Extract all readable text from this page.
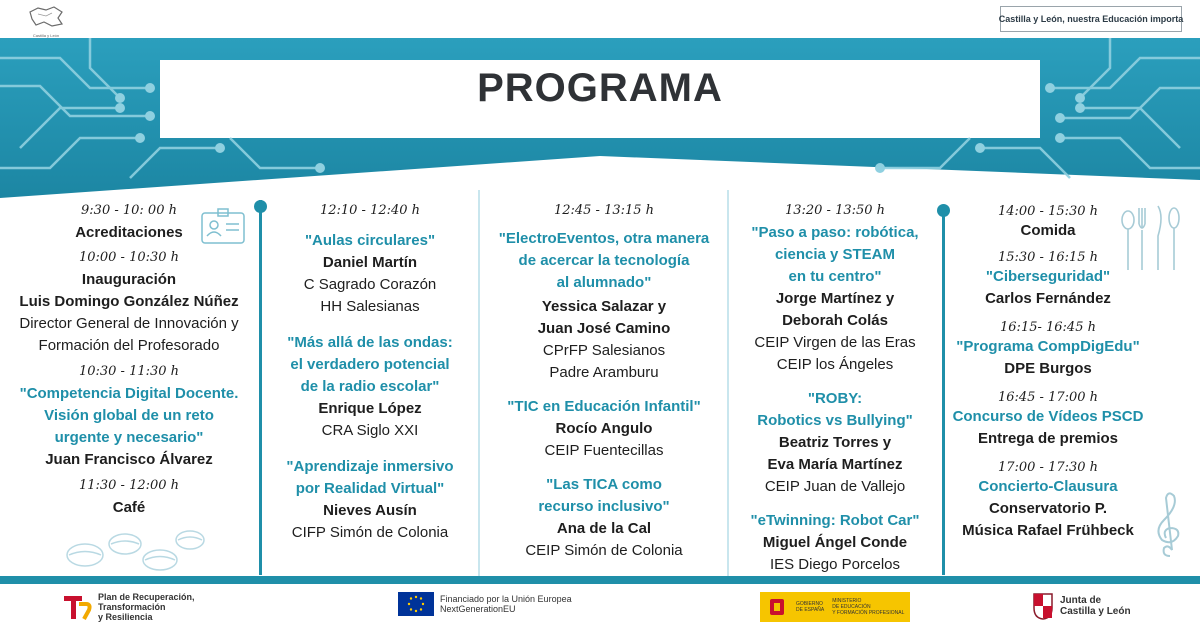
Castilla y León
Castilla y León, nuestra Educación importa
PROGRAMA

9:30 - 10: 00 h

Acreditaciones

10:00 - 10:30 h

Inauguración

Luis Domingo González Núñez

Director General de Innovación y

Formación del Profesorado

10:30 - 11:30 h

"Competencia Digital Docente.

Visión global de un reto

urgente y necesario"

Juan Francisco Álvarez

11:30 - 12:00 h

Café

12:10 - 12:40 h

"Aulas circulares"

Daniel Martín

C Sagrado Corazón

HH Salesianas

"Más allá de las ondas:

el verdadero potencial

de la radio escolar"

Enrique López

CRA Siglo XXI

"Aprendizaje inmersivo

por Realidad Virtual"

Nieves Ausín

CIFP Simón de Colonia

12:45 - 13:15 h

"ElectroEventos, otra manera

de acercar la tecnología

al alumnado"

Yessica Salazar y

Juan José Camino

CPrFP Salesianos

Padre Aramburu

"TIC en Educación Infantil"

Rocío Angulo

CEIP Fuentecillas

"Las TICA como

recurso inclusivo"

Ana de la Cal

CEIP Simón de Colonia

13:20 - 13:50 h

"Paso a paso: robótica,

ciencia y STEAM

en tu centro"

Jorge Martínez y

Deborah Colás

CEIP Virgen de las Eras

CEIP los Ángeles

"ROBY:

Robotics vs Bullying"

Beatriz Torres y

Eva María Martínez

CEIP Juan de Vallejo

"eTwinning: Robot Car"

Miguel Ángel Conde

IES Diego Porcelos

14:00 - 15:30 h

Comida

15:30 - 16:15 h

"Ciberseguridad"

Carlos Fernández

16:15- 16:45 h

"Programa CompDigEdu"

DPE Burgos

16:45 - 17:00 h

Concurso de Vídeos PSCD

Entrega de premios

17:00 - 17:30 h

Concierto-Clausura

Conservatorio P.

Música Rafael Frühbeck

Plan de Recuperación,
Transformación
y Resiliencia
Financiado por la Unión Europea
NextGenerationEU	GOBIERNO
DE ESPAÑA
MINISTERIO
DE EDUCACIÓN
Y FORMACIÓN PROFESIONAL
Junta de
Castilla y León
